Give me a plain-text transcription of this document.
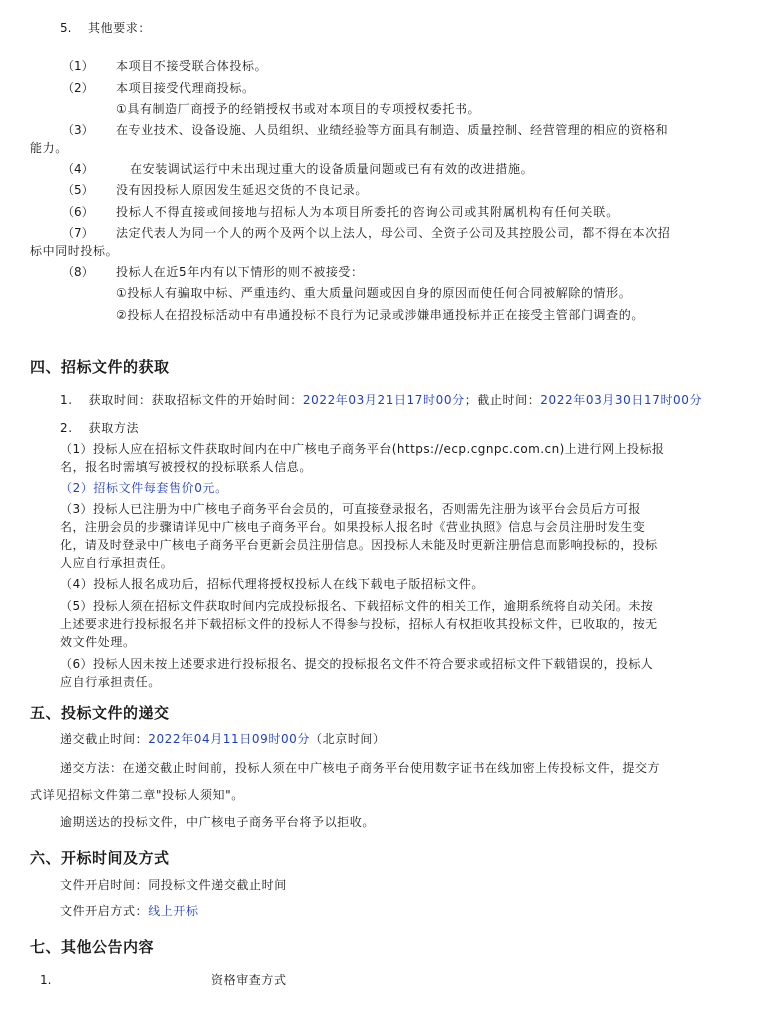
5. 其他要求：
（1） 本项目不接受联合体投标。
（2） 本项目接受代理商投标。
①具有制造厂商授予的经销授权书或对本项目的专项授权委托书。
（3） 在专业技术、设备设施、人员组织、业绩经验等方面具有制造、质量控制、经营管理的相应的资格和
能力。
（4）	在安装调试运行中未出现过重大的设备质量问题或已有有效的改进措施。
（5） 没有因投标人原因发生延迟交货的不良记录。
（6） 投标人不得直接或间接地与招标人为本项目所委托的咨询公司或其附属机构有任何关联。
（7） 法定代表人为同一个人的两个及两个以上法人，母公司、全资子公司及其控股公司，都不得在本次招
标中同时投标。
（8） 投标人在近5年内有以下情形的则不被接受：
①投标人有骗取中标、严重违约、重大质量问题或因自身的原因而使任何合同被解除的情形。
②投标人在招投标活动中有串通投标不良行为记录或涉嫌串通投标并正在接受主管部门调查的。
四、招标文件的获取
1. 获取时间：获取招标文件的开始时间：2022年03月21日17时00分；截止时间：2022年03月30日17时00分
2. 获取方法
（1）投标人应在招标文件获取时间内在中广核电子商务平台(https://ecp.cgnpc.com.cn)上进行网上投标报
名，报名时需填写被授权的投标联系人信息。
（2）招标文件每套售价0元。
（3）投标人已注册为中广核电子商务平台会员的，可直接登录报名，否则需先注册为该平台会员后方可报
名，注册会员的步骤请详见中广核电子商务平台。如果投标人报名时《营业执照》信息与会员注册时发生变
化，请及时登录中广核电子商务平台更新会员注册信息。因投标人未能及时更新注册信息而影响投标的，投标
人应自行承担责任。
（4）投标人报名成功后，招标代理将授权投标人在线下载电子版招标文件。
（5）投标人须在招标文件获取时间内完成投标报名、下载招标文件的相关工作，逾期系统将自动关闭。未按
上述要求进行投标报名并下载招标文件的投标人不得参与投标，招标人有权拒收其投标文件，已收取的，按无
效文件处理。
（6）投标人因未按上述要求进行投标报名、提交的投标报名文件不符合要求或招标文件下载错误的，投标人
应自行承担责任。
五、投标文件的递交
递交截止时间：2022年04月11日09时00分（北京时间）
递交方法：在递交截止时间前，投标人须在中广核电子商务平台使用数字证书在线加密上传投标文件，提交方
式详见招标文件第二章"投标人须知"。
逾期送达的投标文件，中广核电子商务平台将予以拒收。
六、开标时间及方式
文件开启时间：同投标文件递交截止时间
文件开启方式：线上开标
七、其他公告内容
1.	资格审查方式
